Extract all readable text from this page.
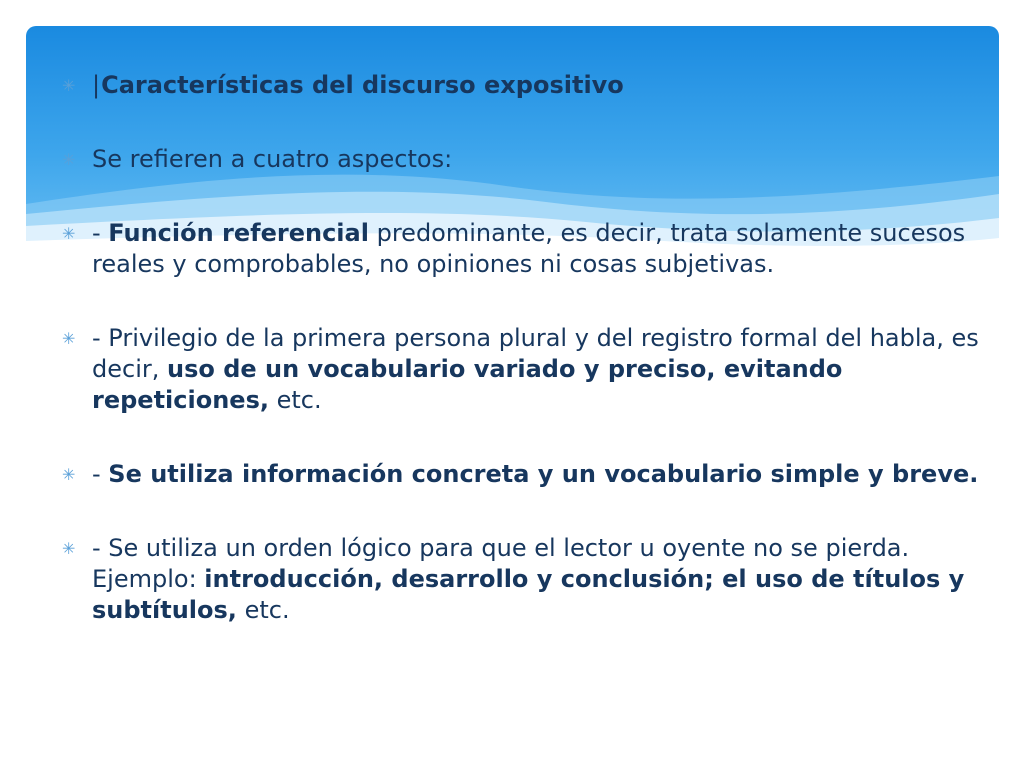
✳ |Características del discurso expositivo
✳ Se refieren a cuatro aspectos:
✳ - Función referencial predominante, es decir, trata solamente sucesos reales y comprobables, no opiniones ni cosas subjetivas.
✳ - Privilegio de la primera persona plural y del registro formal del habla, es decir, uso de un vocabulario variado y preciso, evitando repeticiones, etc.
✳ - Se utiliza información concreta y un vocabulario simple y breve.
✳ - Se utiliza un orden lógico para que el lector u oyente no se pierda. Ejemplo: introducción, desarrollo y conclusión; el uso de títulos y subtítulos, etc.
